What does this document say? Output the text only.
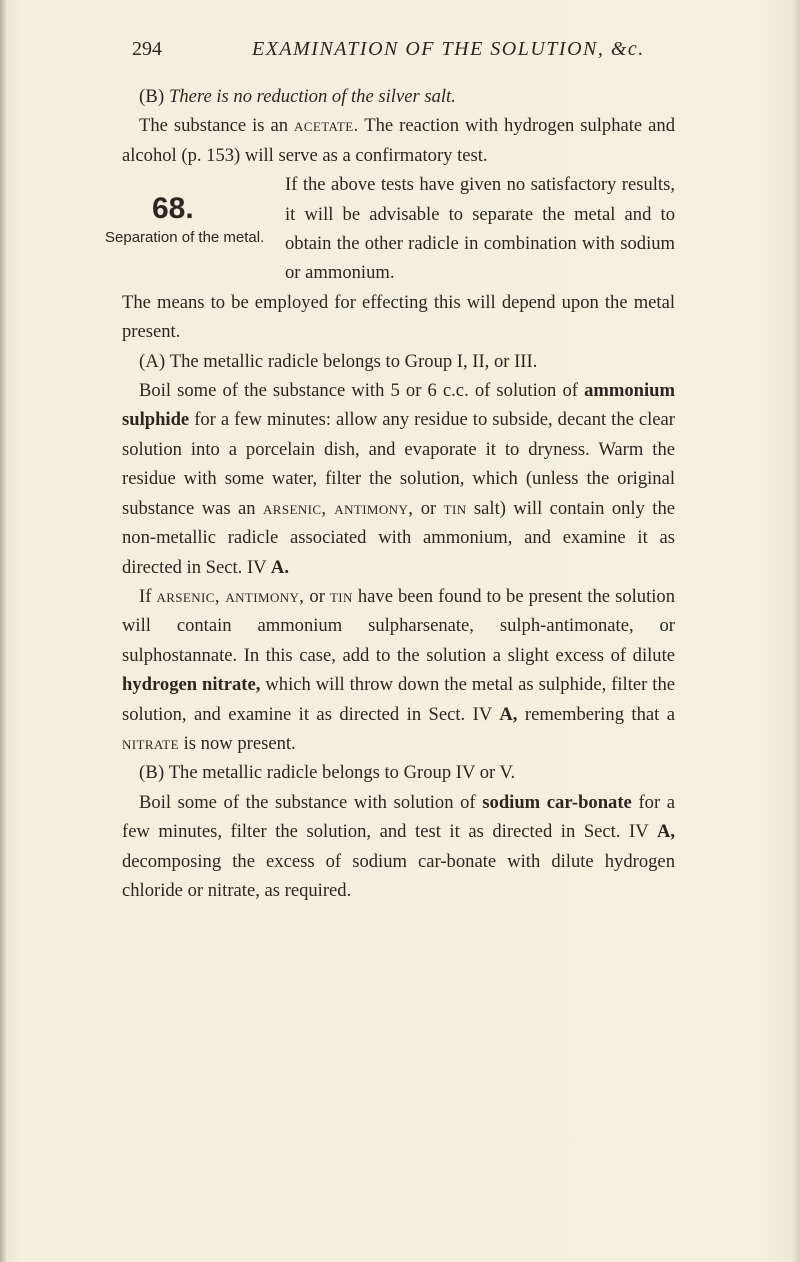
294	EXAMINATION OF THE SOLUTION, &c.

(B) There is no reduction of the silver salt.

The substance is an acetate. The reaction with hydrogen sulphate and alcohol (p. 153) will serve as a confirmatory test.

68.
Separation of the metal.
If the above tests have given no satisfactory results, it will be advisable to separate the metal and to obtain the other radicle in combination with sodium or ammonium.

The means to be employed for effecting this will depend upon the metal present.

(A) The metallic radicle belongs to Group I, II, or III.

Boil some of the substance with 5 or 6 c.c. of solution of ammonium sulphide for a few minutes: allow any residue to subside, decant the clear solution into a porcelain dish, and evaporate it to dryness. Warm the residue with some water, filter the solution, which (unless the original substance was an arsenic, antimony, or tin salt) will contain only the non-metallic radicle associated with ammonium, and examine it as directed in Sect. IV A.

If arsenic, antimony, or tin have been found to be present the solution will contain ammonium sulpharsenate, sulph-antimonate, or sulphostannate. In this case, add to the solution a slight excess of dilute hydrogen nitrate, which will throw down the metal as sulphide, filter the solution, and examine it as directed in Sect. IV A, remembering that a nitrate is now present.

(B) The metallic radicle belongs to Group IV or V.

Boil some of the substance with solution of sodium car-bonate for a few minutes, filter the solution, and test it as directed in Sect. IV A, decomposing the excess of sodium car-bonate with dilute hydrogen chloride or nitrate, as required.
